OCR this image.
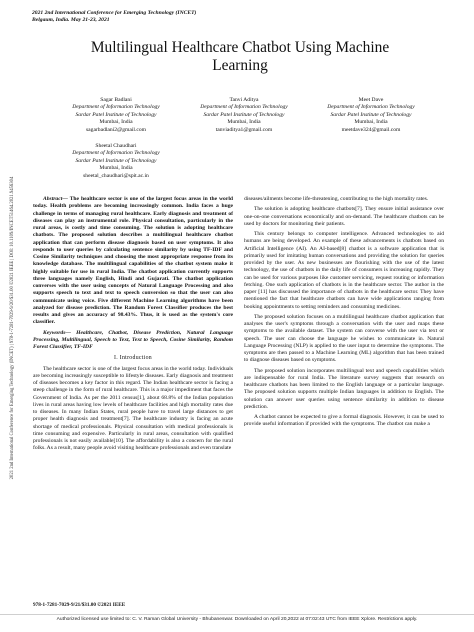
2021 2nd International Conference for Emerging Technology (INCET)
Belgaum, India. May 21-23, 2021
2021 2nd International Conference for Emerging Technology (INCET) | 978-1-7281-7029-9/20/$31.00 ©2021 IEEE | DOI: 10.1109/INCET51464.2021.9456304
Multilingual Healthcare Chatbot Using Machine
Learning
Sagar Badlani
Department of Information Technology
Sardar Patel Institute of Technology
Mumbai, India
sagarbadlani2@gmail.com
Tanvi Aditya
Department of Information Technology
Sardar Patel Institute of Technology
Mumbai, India
tanviaditya1@gmail.com
Meet Dave
Department of Information Technology
Sardar Patel Institute of Technology
Mumbai, India
meetdave324@gmail.com
Sheetal Chaudhari
Department of Information Technology
Sardar Patel Institute of Technology
Mumbai, India
sheetal_chaudhari@spit.ac.in

Abstract— The healthcare sector is one of the largest focus areas in the world today. Health problems are becoming increasingly common. India faces a huge challenge in terms of managing rural healthcare. Early diagnosis and treatment of diseases can play an instrumental role. Physical consultation, particularly in the rural areas, is costly and time consuming. The solution is adopting healthcare chatbots. The proposed solution describes a multilingual healthcare chatbot application that can perform disease diagnosis based on user symptoms. It also responds to user queries by calculating sentence similarity by using TF-IDF and Cosine Similarity techniques and choosing the most appropriate response from its knowledge database. The multilingual capabilities of the chatbot system make it highly suitable for use in rural India. The chatbot application currently supports three languages namely English, Hindi and Gujarati. The chatbot application converses with the user using concepts of Natural Language Processing and also supports speech to text and text to speech conversion so that the user can also communicate using voice. Five different Machine Learning algorithms have been analyzed for disease prediction. The Random Forest Classifier produces the best results and gives an accuracy of 98.43%. Thus, it is used as the system's core classifier.

Keywords— Healthcare, Chatbot, Disease Prediction, Natural Language Processing, Multilingual, Speech to Text, Text to Speech, Cosine Similarity, Random Forest Classifier, TF-IDF

I. Introduction

The healthcare sector is one of the largest focus areas in the world today. Individuals are becoming increasingly susceptible to lifestyle diseases. Early diagnosis and treatment of diseases becomes a key factor in this regard. The Indian healthcare sector is facing a steep challenge in the form of rural healthcare. This is a major impediment that faces the Government of India. As per the 2011 census[1], about 68.8% of the Indian population lives in rural areas having low levels of healthcare facilities and high mortality rates due to diseases. In many Indian States, rural people have to travel large distances to get proper health diagnosis and treatment[7]. The healthcare industry is facing an acute shortage of medical professionals. Physical consultation with medical professionals is time consuming and expensive. Particularly in rural areas, consultation with qualified professionals is not easily available[10]. The affordability is also a concern for the rural folks. As a result, many people avoid visiting healthcare professionals and even translate

diseases/ailments become life-threatening, contributing to the high mortality rates.

The solution is adopting healthcare chatbots[7]. They ensure initial assistance over one-on-one conversations economically and on-demand. The healthcare chatbots can be used by doctors for monitoring their patients.

This century belongs to computer intelligence. Advanced technologies to aid humans are being developed. An example of these advancements is chatbots based on Artificial Intelligence (AI). An AI-based[8] chatbot is a software application that is primarily used for imitating human conversations and providing the solution for queries provided by the user. As new businesses are flourishing with the use of the latest technology, the use of chatbots in the daily life of consumers is increasing rapidly. They can be used for various purposes like customer servicing, request routing or information fetching. One such application of chatbots is in the healthcare sector. The author in the paper [11] has discussed the importance of chatbots in the healthcare sector. They have mentioned the fact that healthcare chatbots can have wide applications ranging from booking appointments to setting reminders and consuming medicines.

The proposed solution focuses on a multilingual healthcare chatbot application that analyses the user's symptoms through a conversation with the user and maps these symptoms to the available dataset. The system can converse with the user via text or speech. The user can choose the language he wishes to communicate in. Natural Language Processing (NLP) is applied to the user input to determine the symptoms. The symptoms are then passed to a Machine Learning (ML) algorithm that has been trained to diagnose diseases based on symptoms.

The proposed solution incorporates multilingual text and speech capabilities which are indispensable for rural India. The literature survey suggests that research on healthcare chatbots has been limited to the English language or a particular language. The proposed solution supports multiple Indian languages in addition to English. The solution can answer user queries using sentence similarity in addition to disease prediction.

A chatbot cannot be expected to give a formal diagnosis. However, it can be used to provide useful information if provided with the symptoms. The chatbot can make a

978-1-7281-7029-9/21/$31.00 ©2021 IEEE
Authorized licensed use limited to: C. V. Raman Global University - Bhubaneswar. Downloaded on April 20,2022 at 07:02:43 UTC from IEEE Xplore. Restrictions apply.
